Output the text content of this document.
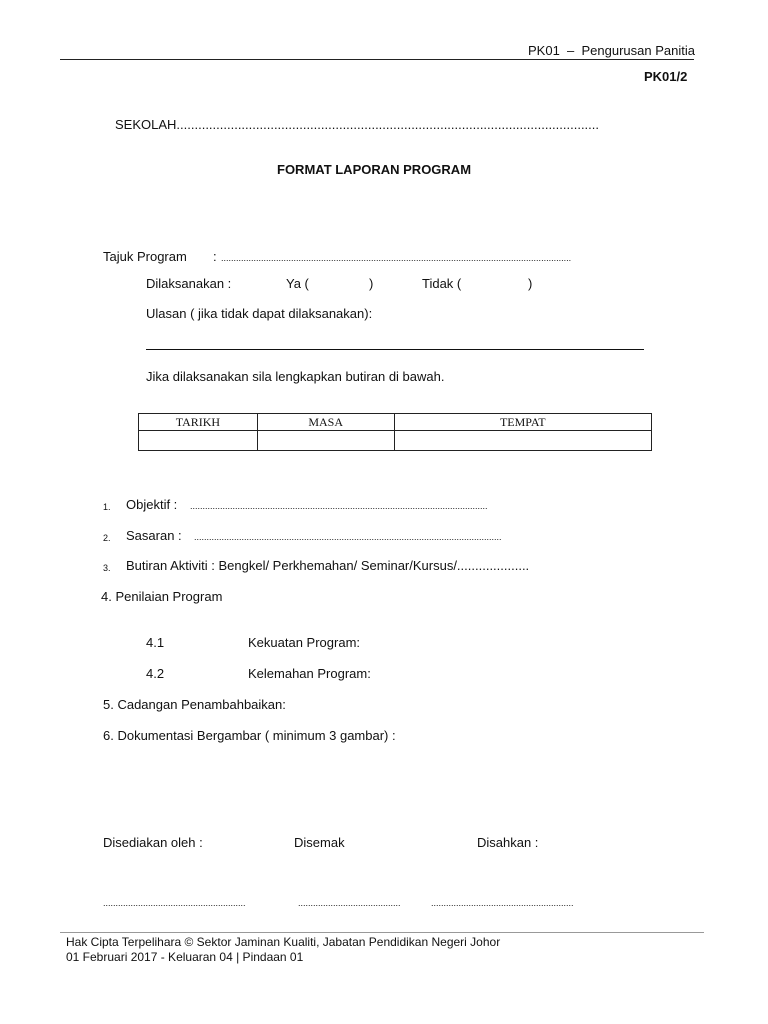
PK01 – Pengurusan Panitia
PK01/2
SEKOLAH.....................................................................................................................
FORMAT LAPORAN PROGRAM
Tajuk Program : ............................................................................................................................................
Dilaksanakan :	Ya (	)	Tidak (	)
Ulasan ( jika tidak dapat dilaksanakan):
Jika dilaksanakan sila lengkapkan butiran di bawah.
TARIKH	MASA	TEMPAT

1. Objektif : .......................................................................................................................
2. Sasaran : ...........................................................................................................................
3. Butiran Aktiviti : Bengkel/ Perkhemahan/ Seminar/Kursus/....................
4. Penilaian Program
4.1	Kekuatan Program:
4.2	Kelemahan Program:
5. Cadangan Penambahbaikan:
6. Dokumentasi Bergambar ( minimum 3 gambar) :
Disediakan oleh :	Disemak	Disahkan :
.........................................................	.........................................	.........................................................
Hak Cipta Terpelihara © Sektor Jaminan Kualiti, Jabatan Pendidikan Negeri Johor
01 Februari 2017 - Keluaran 04 | Pindaan 01
